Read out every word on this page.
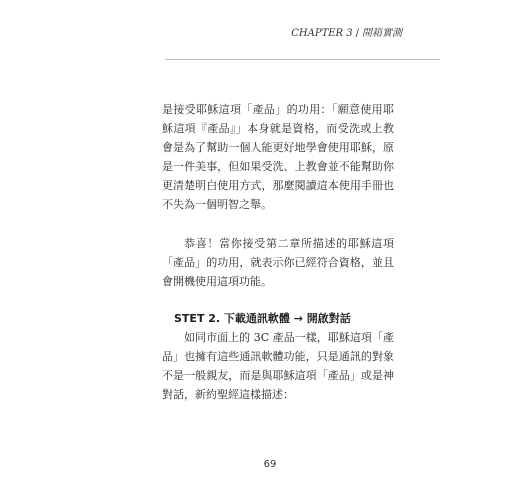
CHAPTER 3 / 開箱實測

是接受耶穌這項「產品」的功用：「願意使用耶穌這項『產品』」本身就是資格，而受洗或上教會是為了幫助一個人能更好地學會使用耶穌，原是一件美事，但如果受洗、上教會並不能幫助你更清楚明白使用方式，那麼閱讀這本使用手冊也不失為一個明智之舉。

恭喜！當你接受第二章所描述的耶穌這項「產品」的功用，就表示你已經符合資格，並且會開機使用這項功能。

STET 2. 下載通訊軟體 → 開啟對話

如同市面上的 3C 產品一樣，耶穌這項「產品」也擁有這些通訊軟體功能，只是通訊的對象不是一般親友，而是與耶穌這項「產品」或是神對話，新約聖經這樣描述：

69
